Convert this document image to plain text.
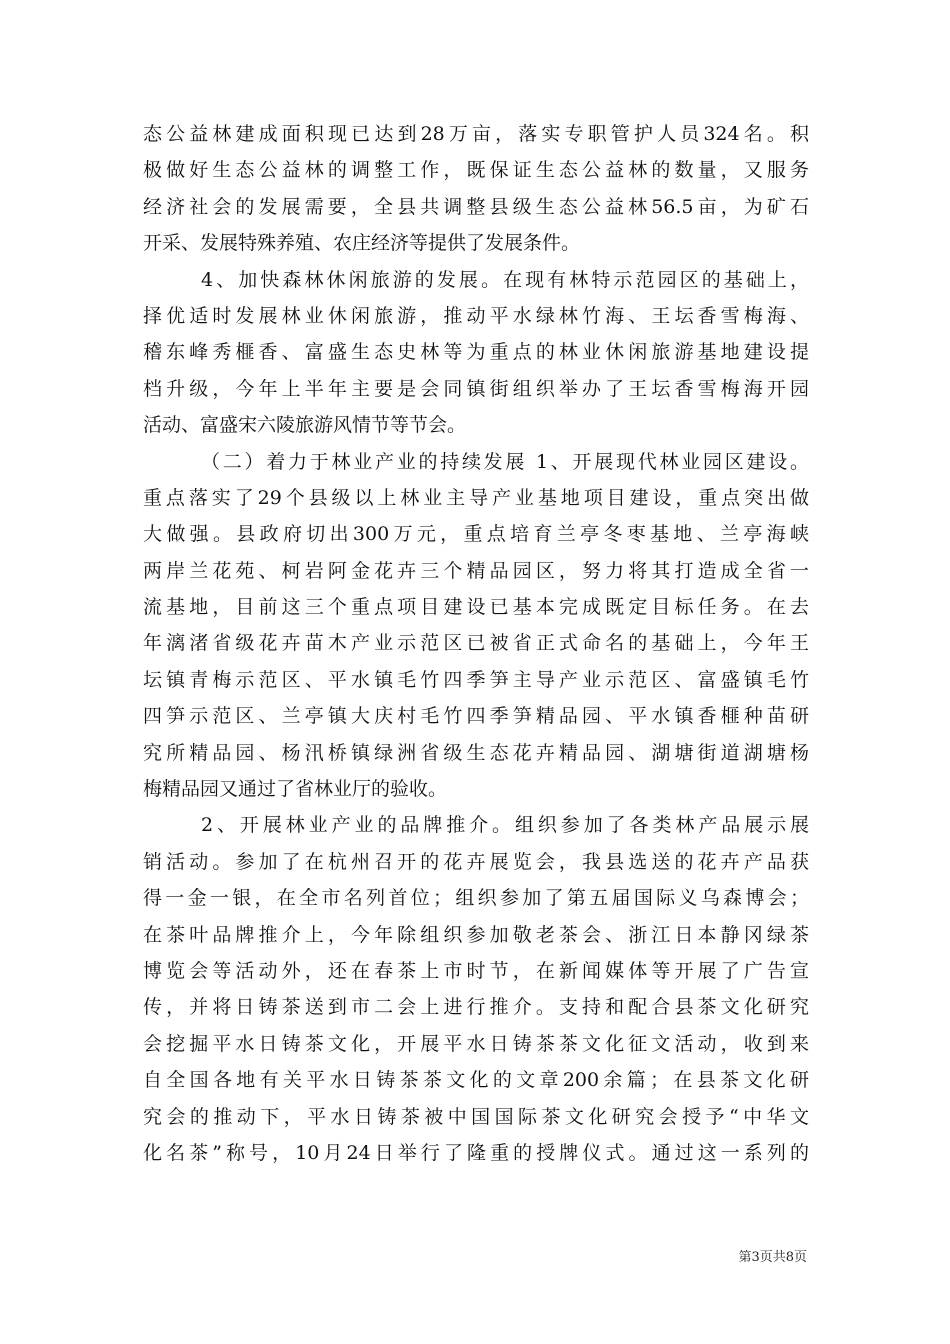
态公益林建成面积现已达到28万亩，落实专职管护人员324名。积
极做好生态公益林的调整工作，既保证生态公益林的数量，又服务
经济社会的发展需要，全县共调整县级生态公益林56.5亩，为矿石
开采、发展特殊养殖、农庄经济等提供了发展条件。
4、加快森林休闲旅游的发展。在现有林特示范园区的基础上，
择优适时发展林业休闲旅游，推动平水绿林竹海、王坛香雪梅海、
稽东峰秀榧香、富盛生态史林等为重点的林业休闲旅游基地建设提
档升级，今年上半年主要是会同镇街组织举办了王坛香雪梅海开园
活动、富盛宋六陵旅游风情节等节会。
（二）着力于林业产业的持续发展 1、开展现代林业园区建设。
重点落实了29个县级以上林业主导产业基地项目建设，重点突出做
大做强。县政府切出300万元，重点培育兰亭冬枣基地、兰亭海峡
两岸兰花苑、柯岩阿金花卉三个精品园区，努力将其打造成全省一
流基地，目前这三个重点项目建设已基本完成既定目标任务。在去
年漓渚省级花卉苗木产业示范区已被省正式命名的基础上，今年王
坛镇青梅示范区、平水镇毛竹四季笋主导产业示范区、富盛镇毛竹
四笋示范区、兰亭镇大庆村毛竹四季笋精品园、平水镇香榧种苗研
究所精品园、杨汛桥镇绿洲省级生态花卉精品园、湖塘街道湖塘杨
梅精品园又通过了省林业厅的验收。
2、开展林业产业的品牌推介。组织参加了各类林产品展示展
销活动。参加了在杭州召开的花卉展览会，我县选送的花卉产品获
得一金一银，在全市名列首位；组织参加了第五届国际义乌森博会；
在茶叶品牌推介上，今年除组织参加敬老茶会、浙江日本静冈绿茶
博览会等活动外，还在春茶上市时节，在新闻媒体等开展了广告宣
传，并将日铸茶送到市二会上进行推介。支持和配合县茶文化研究
会挖掘平水日铸茶文化，开展平水日铸茶茶文化征文活动，收到来
自全国各地有关平水日铸茶茶文化的文章200余篇；在县茶文化研
究会的推动下，平水日铸茶被中国国际茶文化研究会授予“中华文
化名茶”称号，10月24日举行了隆重的授牌仪式。通过这一系列的
第3页共8页
